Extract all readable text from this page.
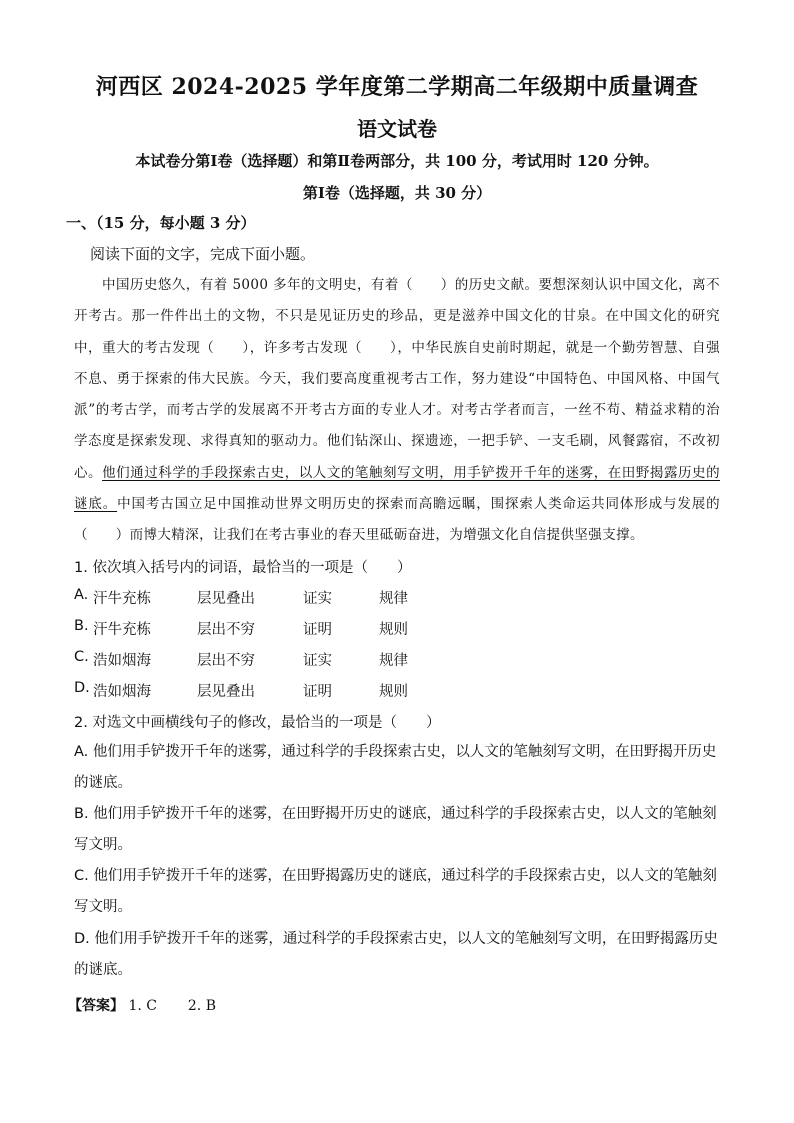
河西区 2024-2025 学年度第二学期高二年级期中质量调查
语文试卷
本试卷分第Ⅰ卷（选择题）和第Ⅱ卷两部分，共 100 分，考试用时 120 分钟。
第Ⅰ卷（选择题，共 30 分）
一、（15 分，每小题 3 分）
阅读下面的文字，完成下面小题。
中国历史悠久，有着 5000 多年的文明史，有着（　　）的历史文献。要想深刻认识中国文化，离不开考古。那一件件出土的文物，不只是见证历史的珍品，更是滋养中国文化的甘泉。在中国文化的研究中，重大的考古发现（　　），许多考古发现（　　），中华民族自史前时期起，就是一个勤劳智慧、自强不息、勇于探索的伟大民族。今天，我们要高度重视考古工作，努力建设“中国特色、中国风格、中国气派”的考古学，而考古学的发展离不开考古方面的专业人才。对考古学者而言，一丝不苟、精益求精的治学态度是探索发现、求得真知的驱动力。他们钻深山、探遗迹，一把手铲、一支毛刷，风餐露宿，不改初心。他们通过科学的手段探索古史，以人文的笔触刻写文明，用手铲拨开千年的迷雾，在田野揭露历史的谜底。中国考古国立足中国推动世界文明历史的探索而高瞻远瞩，围探索人类命运共同体形成与发展的（　　）而博大精深，让我们在考古事业的春天里砥砺奋进，为增强文化自信提供坚强支撑。
1. 依次填入括号内的词语，最恰当的一项是（　　）
A. 汗牛充栋	层见叠出	证实	规律
B. 汗牛充栋	层出不穷	证明	规则
C. 浩如烟海	层出不穷	证实	规律
D. 浩如烟海	层见叠出	证明	规则
2. 对选文中画横线句子的修改，最恰当的一项是（　　）
A. 他们用手铲拨开千年的迷雾，通过科学的手段探索古史，以人文的笔触刻写文明，在田野揭开历史的谜底。
B. 他们用手铲拨开千年的迷雾，在田野揭开历史的谜底，通过科学的手段探索古史，以人文的笔触刻写文明。
C. 他们用手铲拨开千年的迷雾，在田野揭露历史的谜底，通过科学的手段探索古史，以人文的笔触刻写文明。
D. 他们用手铲拨开千年的迷雾，通过科学的手段探索古史，以人文的笔触刻写文明，在田野揭露历史的谜底。
【答案】 1. C 2. B
